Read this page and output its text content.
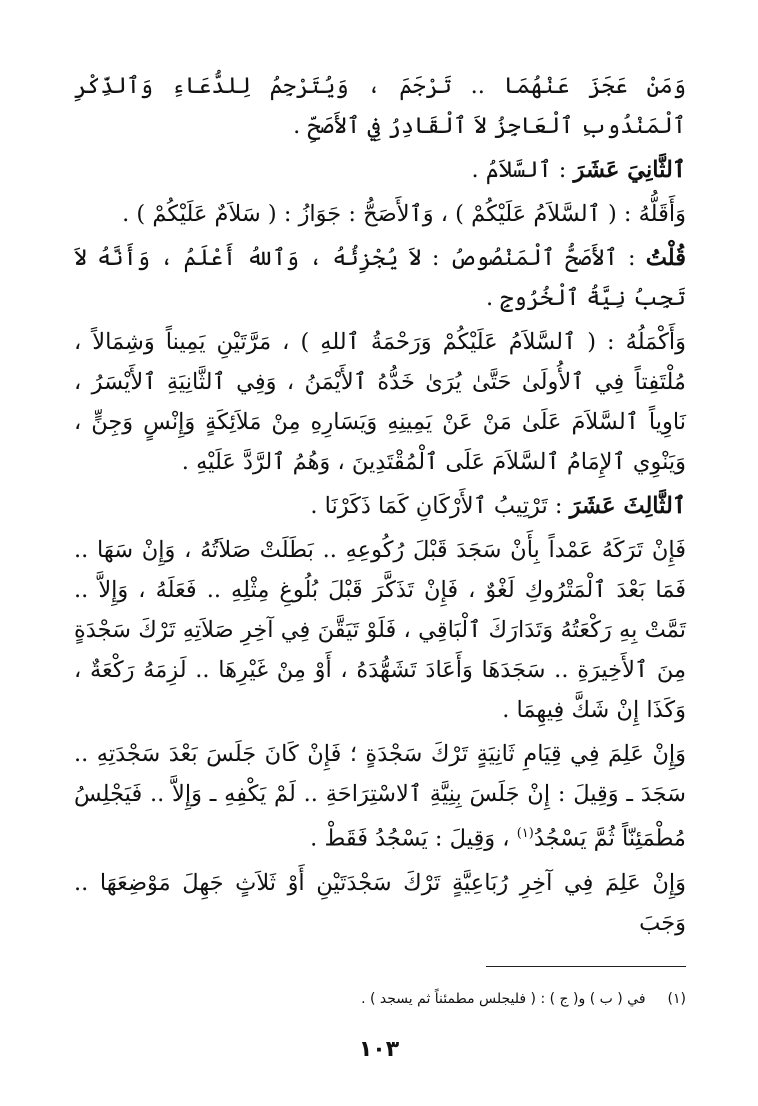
وَمَنْ عَجَزَ عَنْهُمَا .. تَرْجَمَ ، وَيُتَرْجِمُ لِلدُّعَاءِ وَٱلذِّكْرِ ٱلْمَنْدُوبِ ٱلْعَاجِزُ لاَ ٱلْقَادِرُ فِي ٱلأَصَحِّ .

ٱلثَّانِيَ عَشَرَ : ٱلسَّلاَمُ .

وَأَقَلُّهُ : ( ٱلسَّلاَمُ عَلَيْكُمْ ) ، وَٱلأَصَحُّ : جَوَازُ : ( سَلاَمٌ عَلَيْكُمْ ) .

قُلْتُ : ٱلأَصَحُّ ٱلْمَنْصُوصُ : لاَ يُجْزِئُهُ ، وَٱللهُ أَعْلَمُ ، وَأَنَّهُ لاَ تَجِبُ نِيَّةُ ٱلْخُرُوجِ .

وَأَكْمَلُهُ : ( ٱلسَّلاَمُ عَلَيْكُمْ وَرَحْمَةُ ٱللهِ ) ، مَرَّتَيْنِ يَمِيناً وَشِمَالاً ، مُلْتَفِتاً فِي ٱلأُولَىٰ حَتَّىٰ يُرَىٰ خَدُّهُ ٱلأَيْمَنُ ، وَفِي ٱلثَّانِيَةِ ٱلأَيْسَرُ ، نَاوِياً ٱلسَّلاَمَ عَلَىٰ مَنْ عَنْ يَمِينِهِ وَيَسَارِهِ مِنْ مَلاَئِكَةٍ وَإِنْسٍ وَجِنٍّ ، وَيَنْوِي ٱلإِمَامُ ٱلسَّلاَمَ عَلَى ٱلْمُقْتَدِينَ ، وَهُمُ ٱلرَّدَّ عَلَيْهِ .

ٱلثَّالِثَ عَشَرَ : تَرْتِيبُ ٱلأَرْكَانِ كَمَا ذَكَرْنَا .

فَإِنْ تَرَكَهُ عَمْداً بِأَنْ سَجَدَ قَبْلَ رُكُوعِهِ .. بَطَلَتْ صَلاَتُهُ ، وَإِنْ سَهَا .. فَمَا بَعْدَ ٱلْمَتْرُوكِ لَغْوٌ ، فَإِنْ تَذَكَّرَ قَبْلَ بُلُوغِ مِثْلِهِ .. فَعَلَهُ ، وَإِلاَّ .. تَمَّتْ بِهِ رَكْعَتُهُ وَتَدَارَكَ ٱلْبَاقِي ، فَلَوْ تَيَقَّنَ فِي آخِرِ صَلاَتِهِ تَرْكَ سَجْدَةٍ مِنَ ٱلأَخِيرَةِ .. سَجَدَهَا وَأَعَادَ تَشَهُّدَهُ ، أَوْ مِنْ غَيْرِهَا .. لَزِمَهُ رَكْعَةٌ ، وَكَذَا إِنْ شَكَّ فِيهِمَا .

وَإِنْ عَلِمَ فِي قِيَامِ ثَانِيَةٍ تَرْكَ سَجْدَةٍ ؛ فَإِنْ كَانَ جَلَسَ بَعْدَ سَجْدَتِهِ .. سَجَدَ ـ وَقِيلَ : إِنْ جَلَسَ بِنِيَّةِ ٱلاسْتِرَاحَةِ .. لَمْ يَكْفِهِ ـ وَإِلاَّ .. فَيَجْلِسُ مُطْمَئِنّاً ثُمَّ يَسْجُدُ$^{(١)}$ ، وَقِيلَ : يَسْجُدُ فَقَطْ .

وَإِنْ عَلِمَ فِي آخِرِ رُبَاعِيَّةٍ تَرْكَ سَجْدَتَيْنِ أَوْ ثَلاَثٍ جَهِلَ مَوْضِعَهَا .. وَجَبَ

(١)في ( ب ) و( ج ) : ( فليجلس مطمئناً ثم يسجد ) .
١٠٣
